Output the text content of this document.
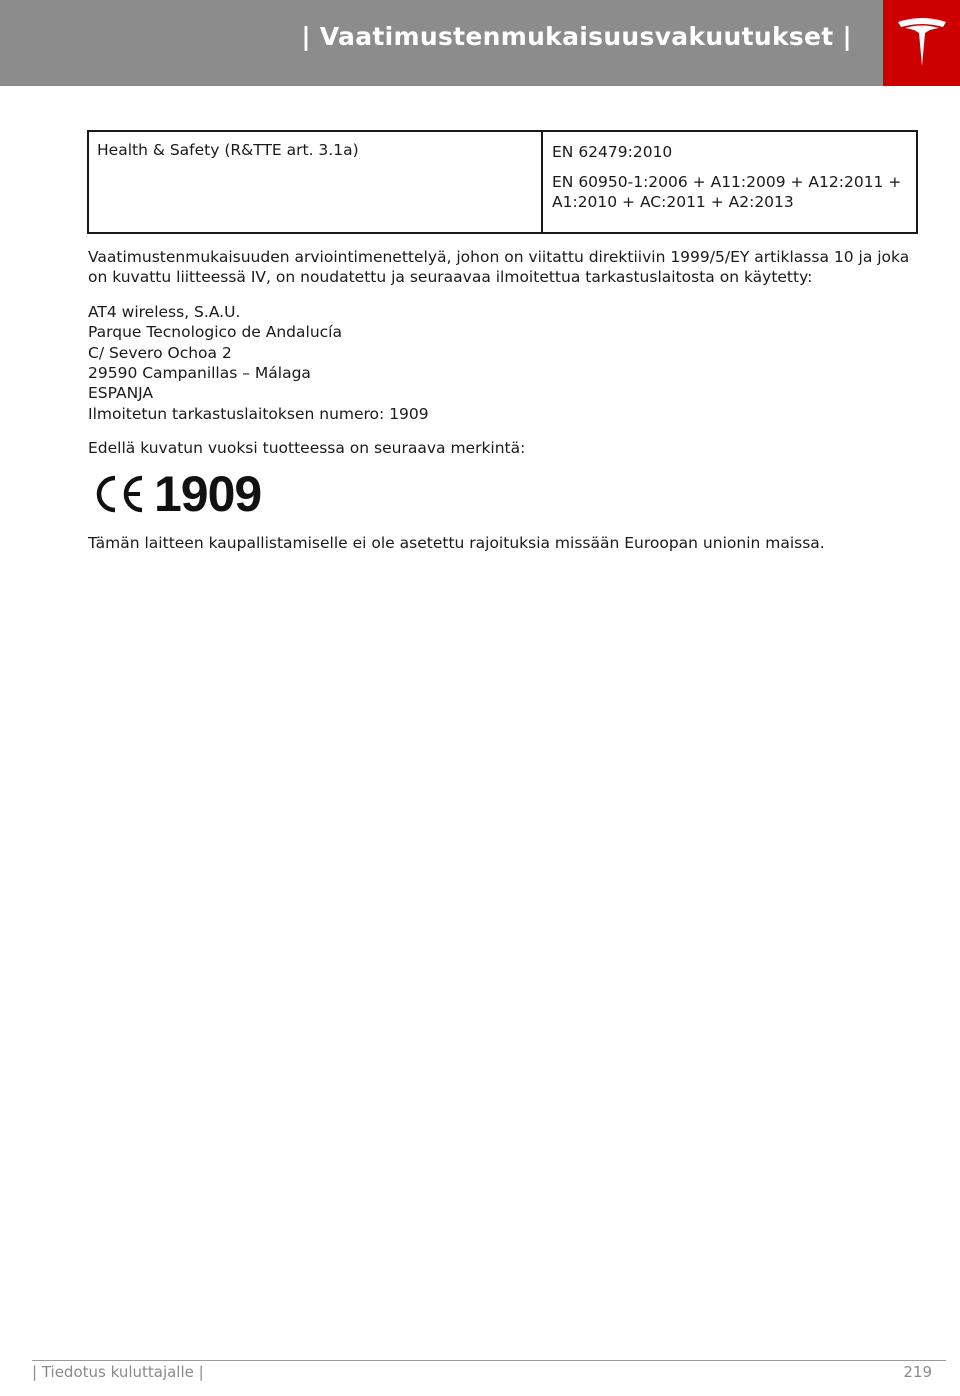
| Vaatimustenmukaisuusvakuutukset |
Health & Safety (R&TTE art. 3.1a)	EN 62479:2010

EN 60950-1:2006 + A11:2009 + A12:2011 + A1:2010 + AC:2011 + A2:2013

Vaatimustenmukaisuuden arviointimenettelyä, johon on viitattu direktiivin 1999/5/EY artiklassa 10 ja joka on kuvattu liitteessä IV, on noudatettu ja seuraavaa ilmoitettua tarkastuslaitosta on käytetty:

AT4 wireless, S.A.U.
Parque Tecnologico de Andalucía
C/ Severo Ochoa 2
29590 Campanillas – Málaga
ESPANJA
Ilmoitetun tarkastuslaitoksen numero: 1909

Edellä kuvatun vuoksi tuotteessa on seuraava merkintä:

1909

Tämän laitteen kaupallistamiselle ei ole asetettu rajoituksia missään Euroopan unionin maissa.

| Tiedotus kuluttajalle |	219
